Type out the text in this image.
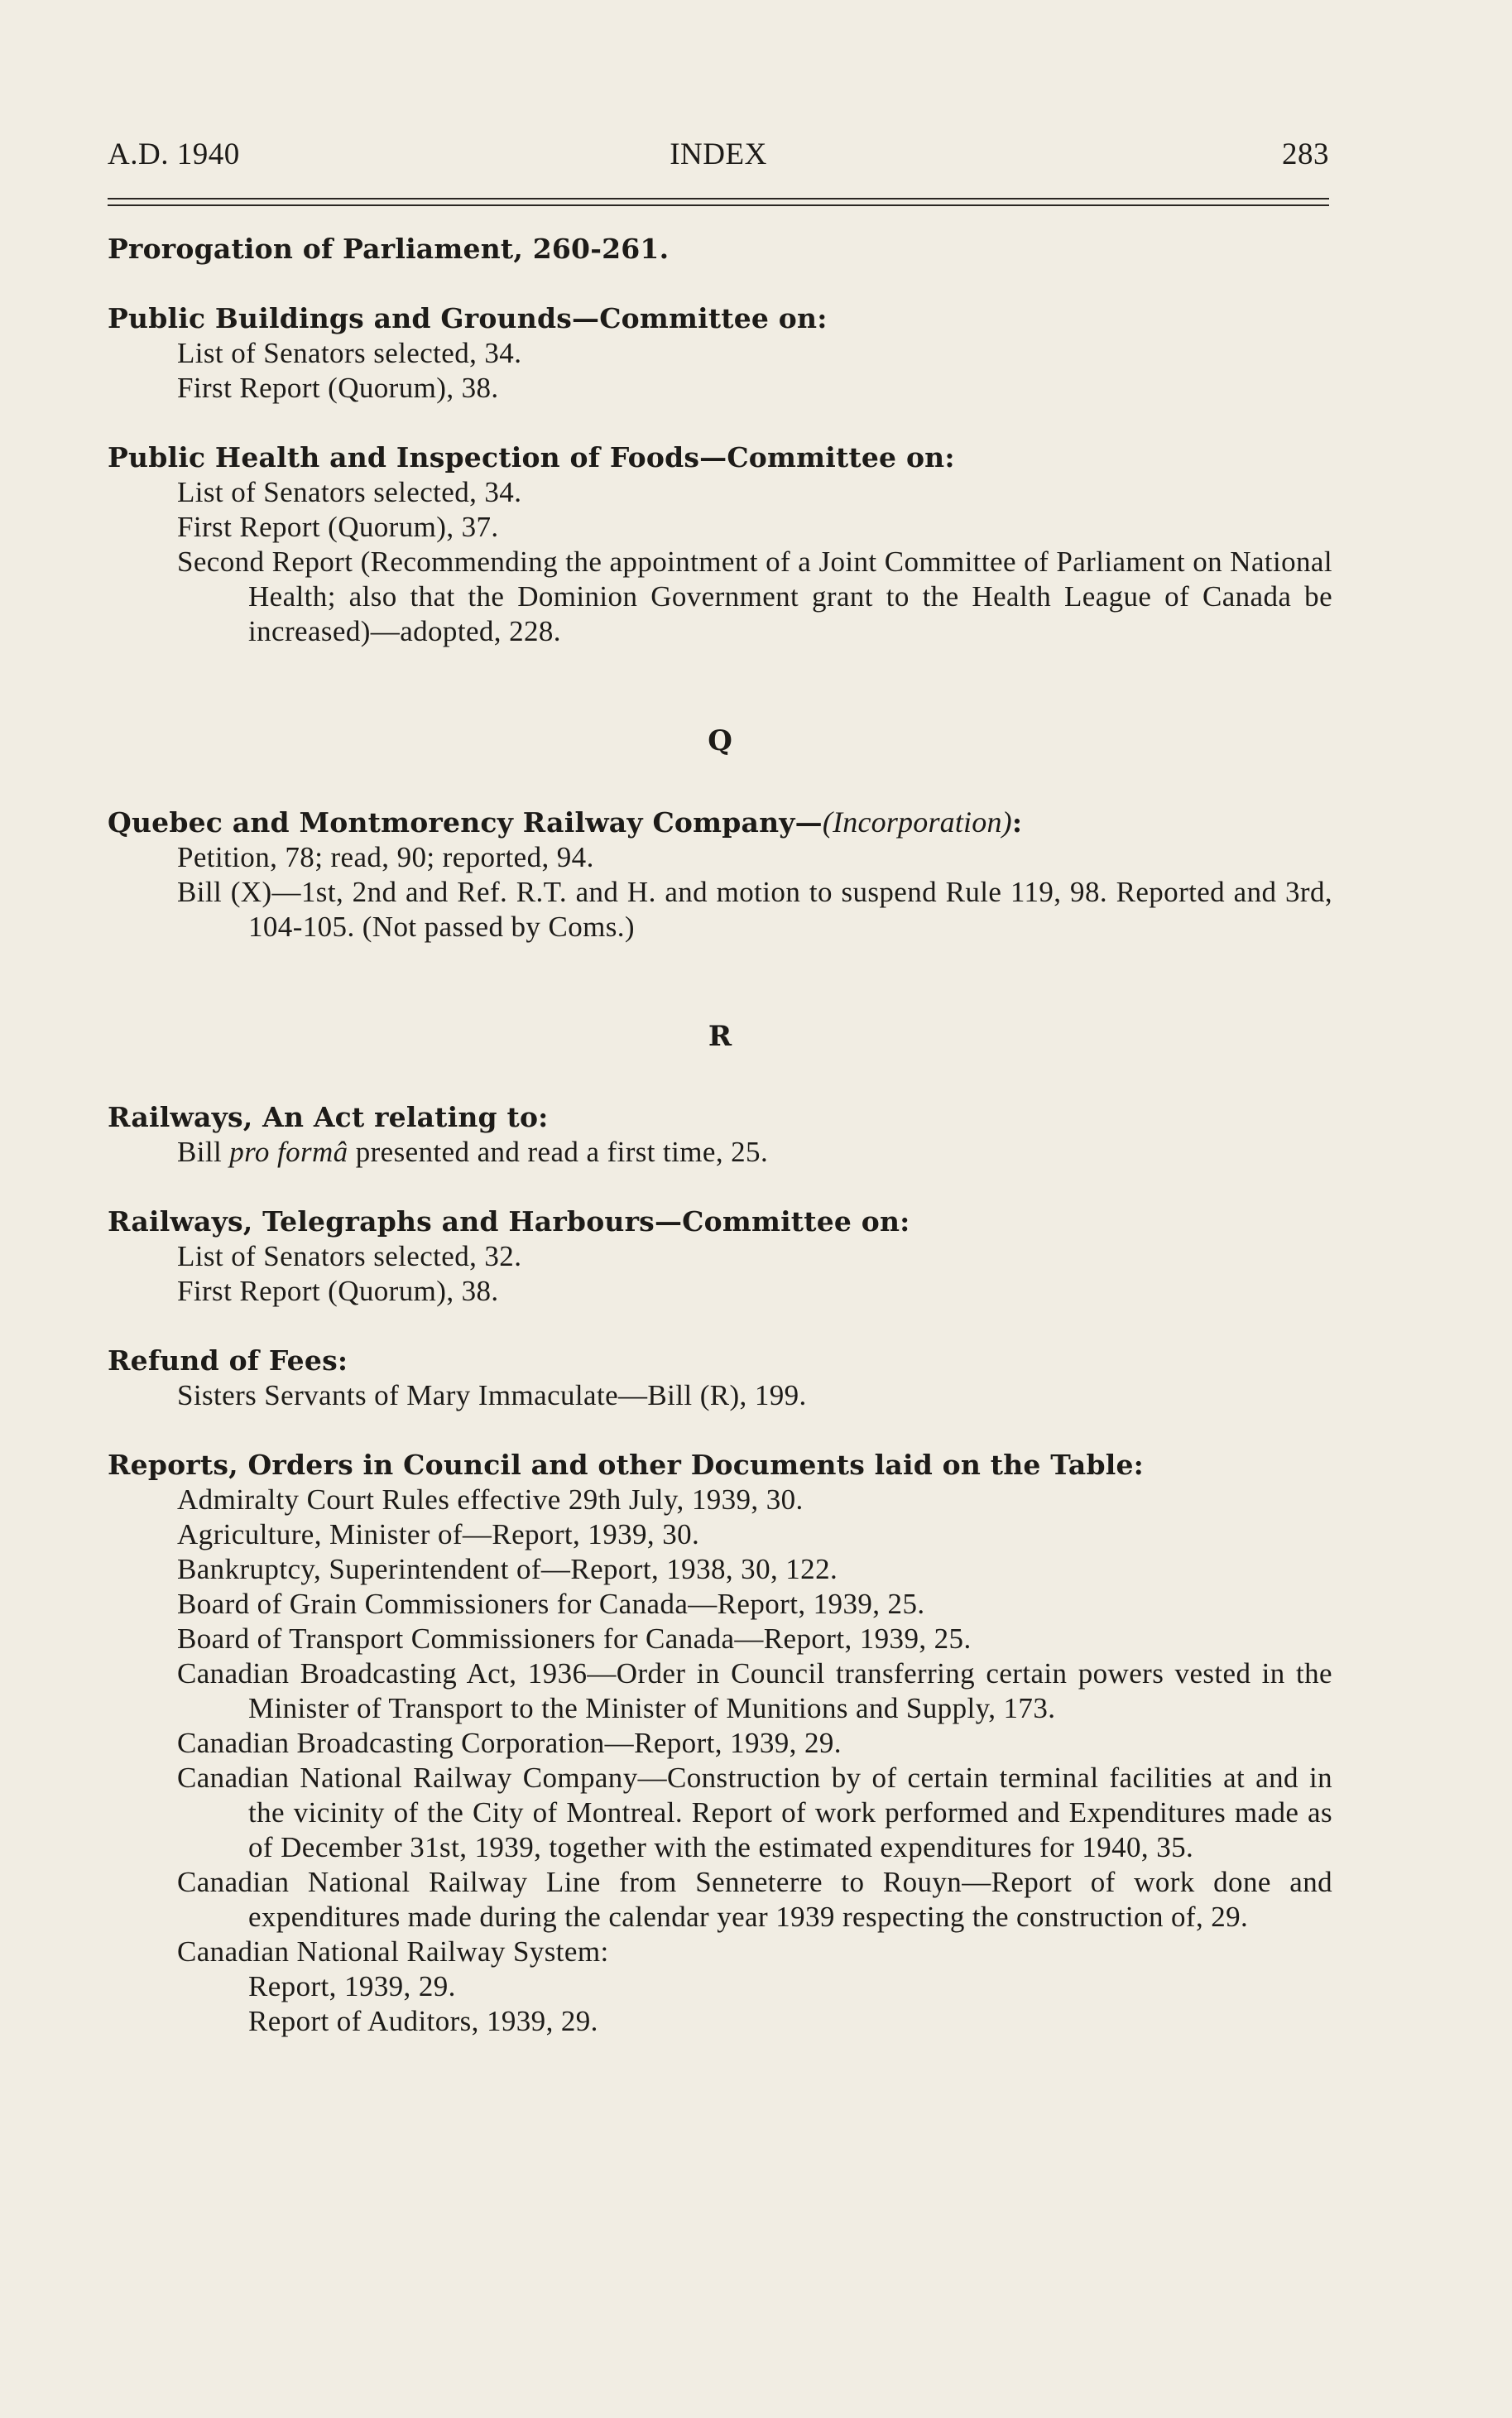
A.D. 1940	INDEX	283
Prorogation of Parliament, 260-261.
Public Buildings and Grounds—Committee on:
List of Senators selected, 34.
First Report (Quorum), 38.
Public Health and Inspection of Foods—Committee on:
List of Senators selected, 34.
First Report (Quorum), 37.
Second Report (Recommending the appointment of a Joint Committee of Parliament on National Health; also that the Dominion Government grant to the Health League of Canada be increased)—adopted, 228.
Q
Quebec and Montmorency Railway Company—(Incorporation):
Petition, 78; read, 90; reported, 94.
Bill (X)—1st, 2nd and Ref. R.T. and H. and motion to suspend Rule 119, 98. Reported and 3rd, 104-105. (Not passed by Coms.)
R
Railways, An Act relating to:
Bill pro formâ presented and read a first time, 25.
Railways, Telegraphs and Harbours—Committee on:
List of Senators selected, 32.
First Report (Quorum), 38.
Refund of Fees:
Sisters Servants of Mary Immaculate—Bill (R), 199.
Reports, Orders in Council and other Documents laid on the Table:
Admiralty Court Rules effective 29th July, 1939, 30.
Agriculture, Minister of—Report, 1939, 30.
Bankruptcy, Superintendent of—Report, 1938, 30, 122.
Board of Grain Commissioners for Canada—Report, 1939, 25.
Board of Transport Commissioners for Canada—Report, 1939, 25.
Canadian Broadcasting Act, 1936—Order in Council transferring certain powers vested in the Minister of Transport to the Minister of Munitions and Supply, 173.
Canadian Broadcasting Corporation—Report, 1939, 29.
Canadian National Railway Company—Construction by of certain terminal facilities at and in the vicinity of the City of Montreal. Report of work performed and Expenditures made as of December 31st, 1939, together with the estimated expenditures for 1940, 35.
Canadian National Railway Line from Senneterre to Rouyn—Report of work done and expenditures made during the calendar year 1939 respecting the construction of, 29.
Canadian National Railway System:
Report, 1939, 29.
Report of Auditors, 1939, 29.
